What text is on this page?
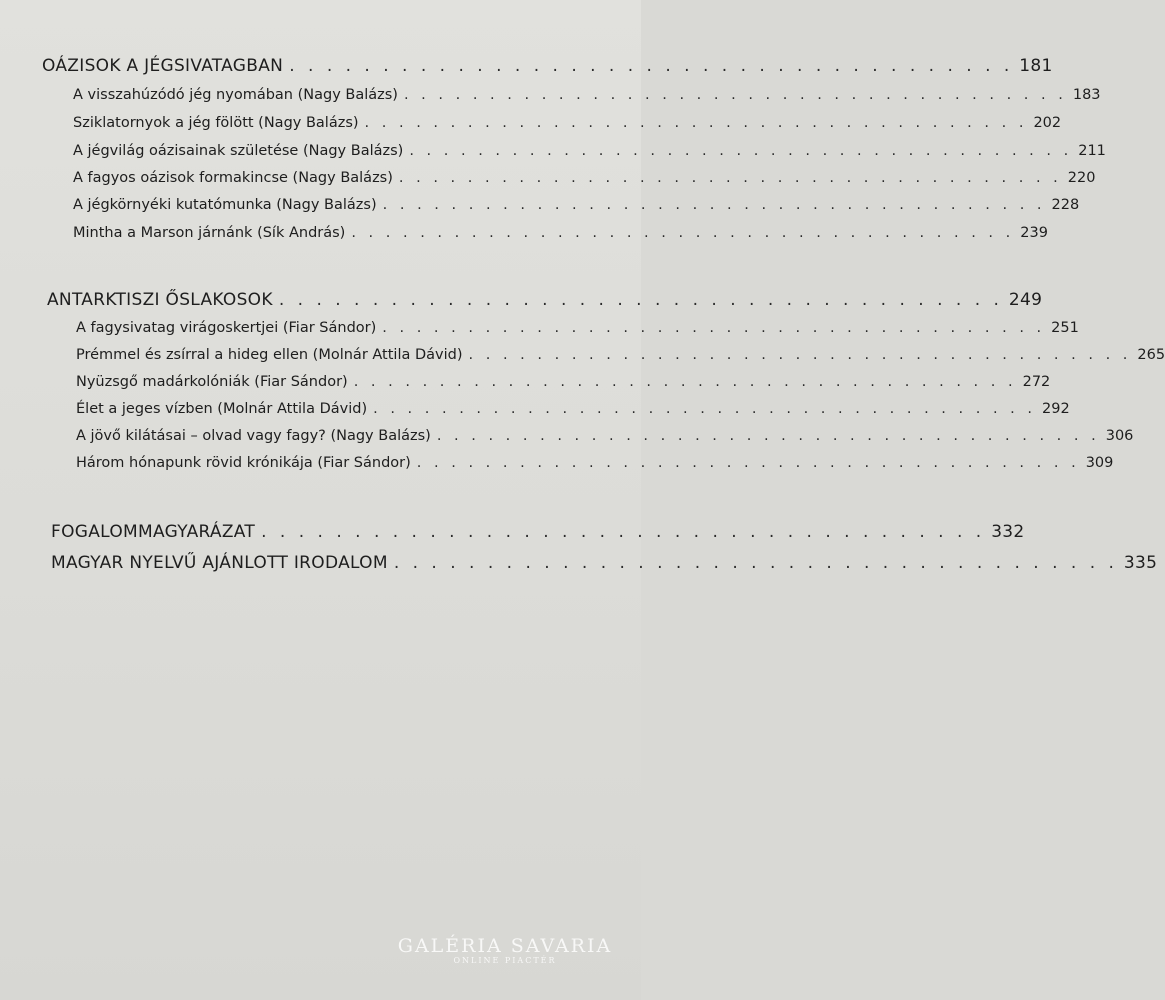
OÁZISOK A JÉGSIVATAGBAN . . . . . . . . . . . . . . . . . . . . . . . . . . . . . . . . . . . . . . . 181
A visszahúzódó jég nyomában (Nagy Balázs) . . . . . . . . . . . . . . . . . . . . . . . . . . . . . . . . . . . . . . . 183
Sziklatornyok a jég fölött (Nagy Balázs) . . . . . . . . . . . . . . . . . . . . . . . . . . . . . . . . . . . . . . . 202
A jégvilág oázisainak születése (Nagy Balázs) . . . . . . . . . . . . . . . . . . . . . . . . . . . . . . . . . . . . . . . 211
A fagyos oázisok formakincse (Nagy Balázs) . . . . . . . . . . . . . . . . . . . . . . . . . . . . . . . . . . . . . . . 220
A jégkörnyéki kutatómunka (Nagy Balázs) . . . . . . . . . . . . . . . . . . . . . . . . . . . . . . . . . . . . . . . 228
Mintha a Marson járnánk (Sík András) . . . . . . . . . . . . . . . . . . . . . . . . . . . . . . . . . . . . . . . 239
ANTARKTISZI ŐSLAKOSOK . . . . . . . . . . . . . . . . . . . . . . . . . . . . . . . . . . . . . . . 249
A fagysivatag virágoskertjei (Fiar Sándor) . . . . . . . . . . . . . . . . . . . . . . . . . . . . . . . . . . . . . . . 251
Prémmel és zsírral a hideg ellen (Molnár Attila Dávid) . . . . . . . . . . . . . . . . . . . . . . . . . . . . . . . . . . . . . . . 265
Nyüzsgő madárkolóniák (Fiar Sándor) . . . . . . . . . . . . . . . . . . . . . . . . . . . . . . . . . . . . . . . 272
Élet a jeges vízben (Molnár Attila Dávid) . . . . . . . . . . . . . . . . . . . . . . . . . . . . . . . . . . . . . . . 292
A jövő kilátásai – olvad vagy fagy? (Nagy Balázs) . . . . . . . . . . . . . . . . . . . . . . . . . . . . . . . . . . . . . . . 306
Három hónapunk rövid krónikája (Fiar Sándor) . . . . . . . . . . . . . . . . . . . . . . . . . . . . . . . . . . . . . . . 309
FOGALOMMAGYARÁZAT . . . . . . . . . . . . . . . . . . . . . . . . . . . . . . . . . . . . . . . 332
MAGYAR NYELVŰ AJÁNLOTT IRODALOM . . . . . . . . . . . . . . . . . . . . . . . . . . . . . . . . . . . . . . . 335
GALÉRIA SAVARIA
ONLINE PIACTÉR
